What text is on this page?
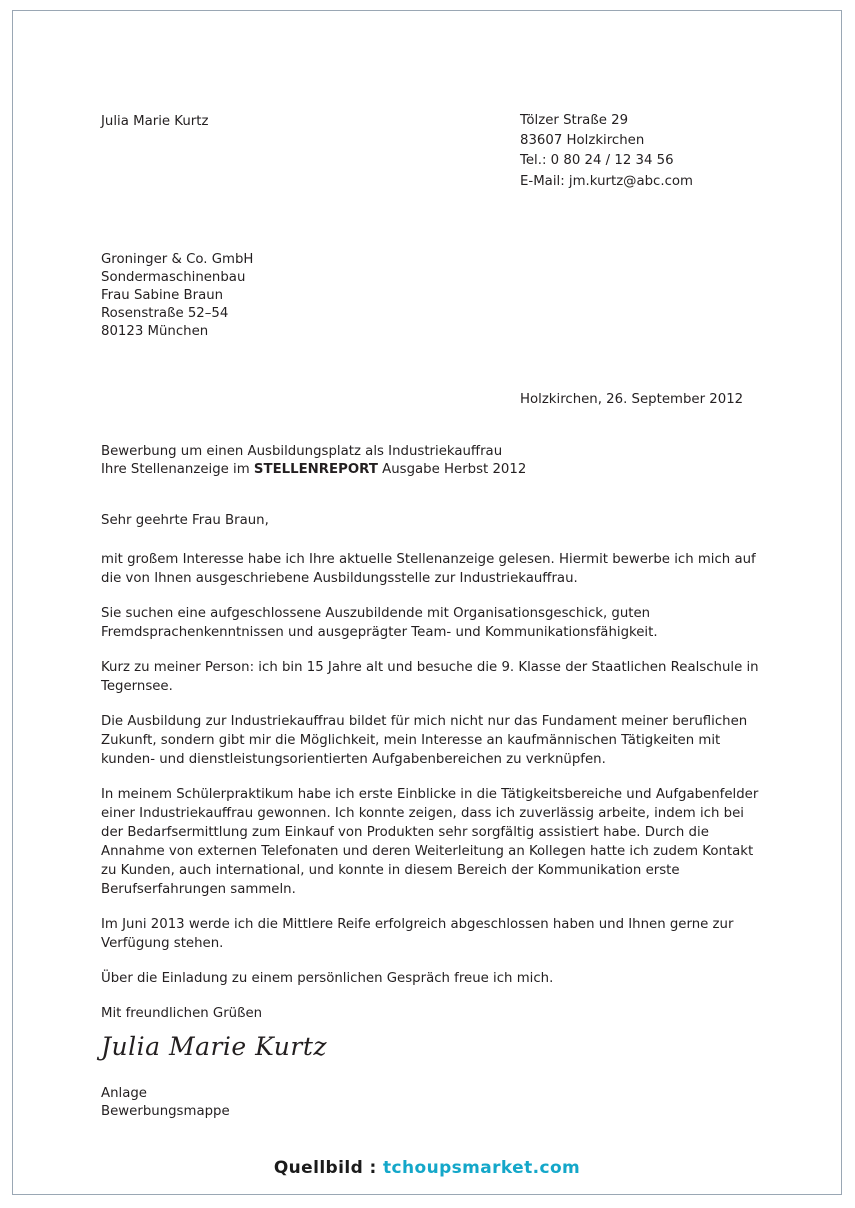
Julia Marie Kurtz	Tölzer Straße 29
83607 Holzkirchen
Tel.: 0 80 24 / 12 34 56
E-Mail: jm.kurtz@abc.com
Groninger & Co. GmbH
Sondermaschinenbau
Frau Sabine Braun
Rosenstraße 52–54
80123 München
Holzkirchen, 26. September 2012
Bewerbung um einen Ausbildungsplatz als Industriekauffrau
Ihre Stellenanzeige im STELLENREPORT Ausgabe Herbst 2012

Sehr geehrte Frau Braun,

mit großem Interesse habe ich Ihre aktuelle Stellenanzeige gelesen. Hiermit bewerbe ich mich auf die von Ihnen ausgeschriebene Ausbildungsstelle zur Industriekauffrau.

Sie suchen eine aufgeschlossene Auszubildende mit Organisationsgeschick, guten Fremdsprachenkenntnissen und ausgeprägter Team- und Kommunikationsfähigkeit.

Kurz zu meiner Person: ich bin 15 Jahre alt und besuche die 9. Klasse der Staatlichen Realschule in Tegernsee.

Die Ausbildung zur Industriekauffrau bildet für mich nicht nur das Fundament meiner beruflichen Zukunft, sondern gibt mir die Möglichkeit, mein Interesse an kaufmännischen Tätigkeiten mit kunden- und dienstleistungsorientierten Aufgabenbereichen zu verknüpfen.

In meinem Schülerpraktikum habe ich erste Einblicke in die Tätigkeitsbereiche und Aufgabenfelder einer Industriekauffrau gewonnen. Ich konnte zeigen, dass ich zuverlässig arbeite, indem ich bei der Bedarfsermittlung zum Einkauf von Produkten sehr sorgfältig assistiert habe. Durch die Annahme von externen Telefonaten und deren Weiterleitung an Kollegen hatte ich zudem Kontakt zu Kunden, auch international, und konnte in diesem Bereich der Kommunikation erste Berufserfahrungen sammeln.

Im Juni 2013 werde ich die Mittlere Reife erfolgreich abgeschlossen haben und Ihnen gerne zur Verfügung stehen.

Über die Einladung zu einem persönlichen Gespräch freue ich mich.

Mit freundlichen Grüßen

Julia Marie Kurtz
Anlage
Bewerbungsmappe
Quellbild : tchoupsmarket.com
